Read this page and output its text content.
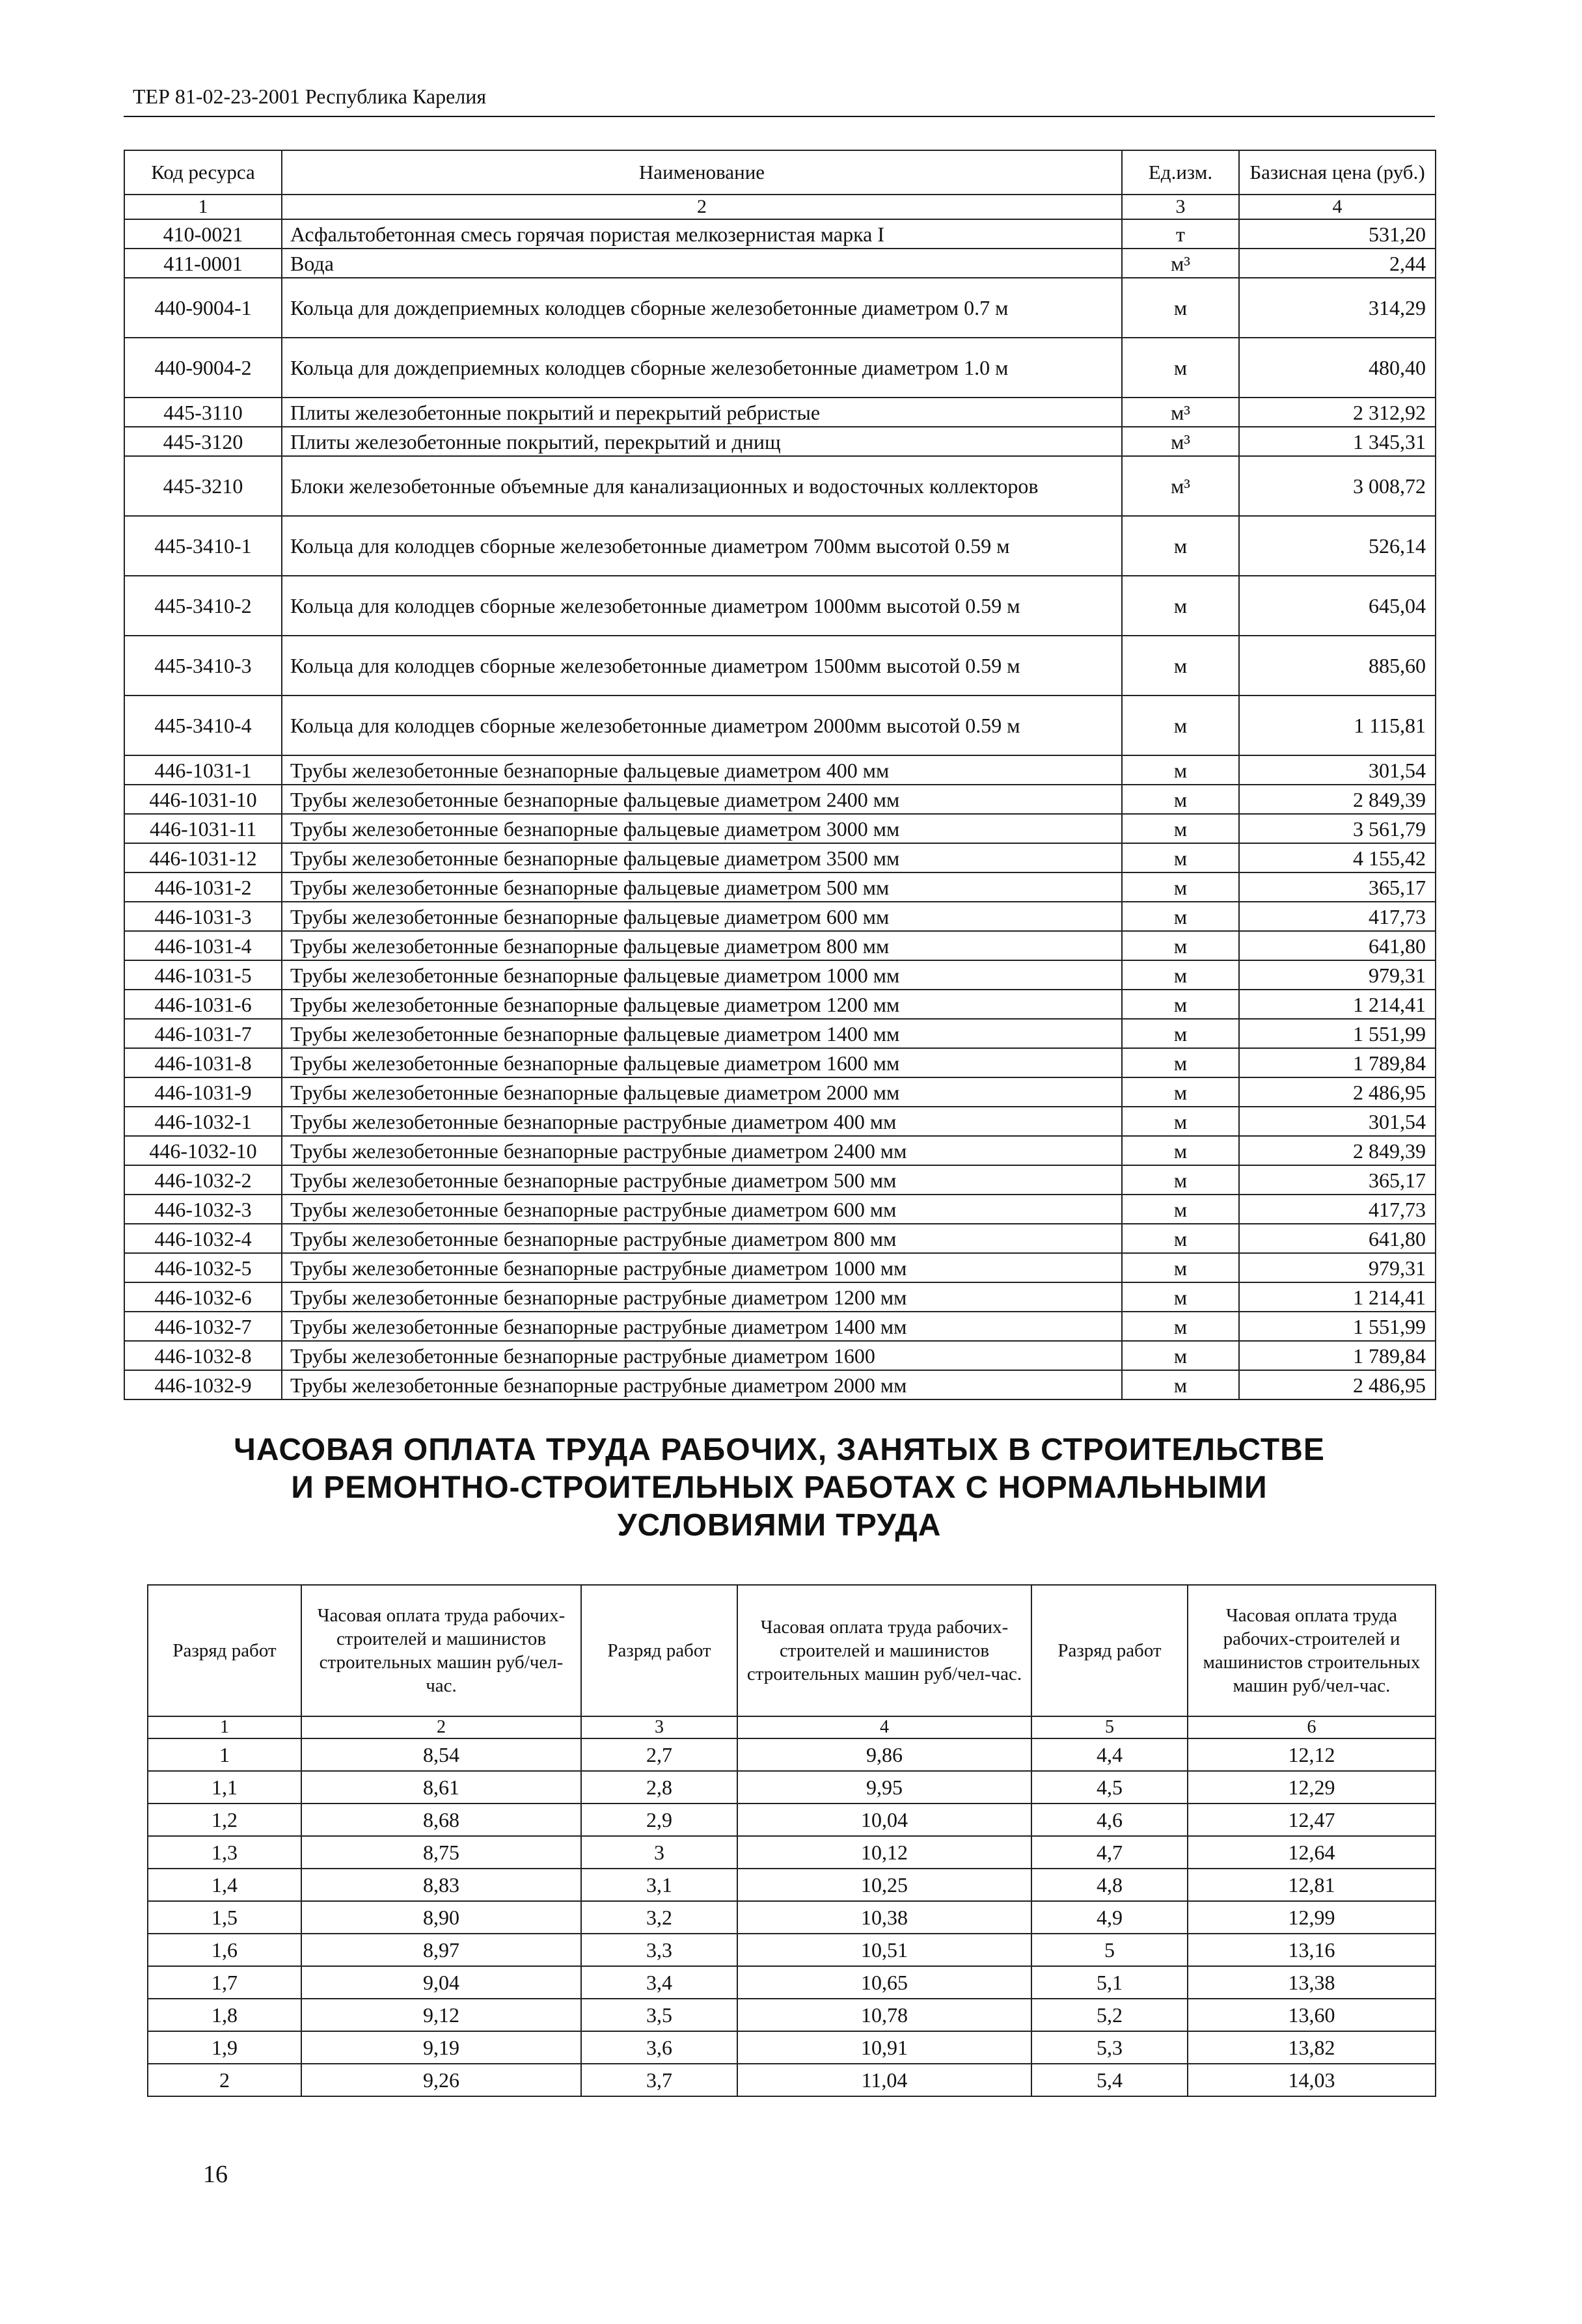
ТЕР 81-02-23-2001 Республика Карелия
Код ресурса	Наименование	Ед.изм.	Базисная цена (руб.)
1	2	3	4
410-0021	Асфальтобетонная смесь горячая пористая мелкозернистая марка I	т	531,20
411-0001	Вода	м³	2,44
440-9004-1	Кольца для дождеприемных колодцев сборные железобетонные диаметром 0.7 м	м	314,29
440-9004-2	Кольца для дождеприемных колодцев сборные железобетонные диаметром 1.0 м	м	480,40
445-3110	Плиты железобетонные покрытий и перекрытий ребристые	м³	2 312,92
445-3120	Плиты железобетонные покрытий, перекрытий и днищ	м³	1 345,31
445-3210	Блоки железобетонные объемные для канализационных и водосточных коллекторов	м³	3 008,72
445-3410-1	Кольца для колодцев сборные железобетонные диаметром 700мм высотой 0.59 м	м	526,14
445-3410-2	Кольца для колодцев сборные железобетонные диаметром 1000мм высотой 0.59 м	м	645,04
445-3410-3	Кольца для колодцев сборные железобетонные диаметром 1500мм высотой 0.59 м	м	885,60
445-3410-4	Кольца для колодцев сборные железобетонные диаметром 2000мм высотой 0.59 м	м	1 115,81
446-1031-1	Трубы железобетонные безнапорные фальцевые диаметром 400 мм	м	301,54
446-1031-10	Трубы железобетонные безнапорные фальцевые диаметром 2400 мм	м	2 849,39
446-1031-11	Трубы железобетонные безнапорные фальцевые диаметром 3000 мм	м	3 561,79
446-1031-12	Трубы железобетонные безнапорные фальцевые диаметром 3500 мм	м	4 155,42
446-1031-2	Трубы железобетонные безнапорные фальцевые диаметром 500 мм	м	365,17
446-1031-3	Трубы железобетонные безнапорные фальцевые диаметром 600 мм	м	417,73
446-1031-4	Трубы железобетонные безнапорные фальцевые диаметром 800 мм	м	641,80
446-1031-5	Трубы железобетонные безнапорные фальцевые диаметром 1000 мм	м	979,31
446-1031-6	Трубы железобетонные безнапорные фальцевые диаметром 1200 мм	м	1 214,41
446-1031-7	Трубы железобетонные безнапорные фальцевые диаметром 1400 мм	м	1 551,99
446-1031-8	Трубы железобетонные безнапорные фальцевые диаметром 1600 мм	м	1 789,84
446-1031-9	Трубы железобетонные безнапорные фальцевые диаметром 2000 мм	м	2 486,95
446-1032-1	Трубы железобетонные безнапорные раструбные диаметром 400 мм	м	301,54
446-1032-10	Трубы железобетонные безнапорные раструбные диаметром 2400 мм	м	2 849,39
446-1032-2	Трубы железобетонные безнапорные раструбные диаметром 500 мм	м	365,17
446-1032-3	Трубы железобетонные безнапорные раструбные диаметром 600 мм	м	417,73
446-1032-4	Трубы железобетонные безнапорные раструбные диаметром 800 мм	м	641,80
446-1032-5	Трубы железобетонные безнапорные раструбные диаметром 1000 мм	м	979,31
446-1032-6	Трубы железобетонные безнапорные раструбные диаметром 1200 мм	м	1 214,41
446-1032-7	Трубы железобетонные безнапорные раструбные диаметром 1400 мм	м	1 551,99
446-1032-8	Трубы железобетонные безнапорные раструбные диаметром 1600	м	1 789,84
446-1032-9	Трубы железобетонные безнапорные раструбные диаметром 2000 мм	м	2 486,95
ЧАСОВАЯ ОПЛАТА ТРУДА РАБОЧИХ, ЗАНЯТЫХ В СТРОИТЕЛЬСТВЕ
И РЕМОНТНО-СТРОИТЕЛЬНЫХ РАБОТАХ С НОРМАЛЬНЫМИ
УСЛОВИЯМИ ТРУДА
Разряд работ	Часовая оплата труда рабочих-строителей и машинистов строительных машин руб/чел-час.	Разряд работ	Часовая оплата труда рабочих-строителей и машинистов строительных машин руб/чел-час.	Разряд работ	Часовая оплата труда рабочих-строителей и машинистов строительных машин руб/чел-час.
1	2	3	4	5	6
1	8,54	2,7	9,86	4,4	12,12
1,1	8,61	2,8	9,95	4,5	12,29
1,2	8,68	2,9	10,04	4,6	12,47
1,3	8,75	3	10,12	4,7	12,64
1,4	8,83	3,1	10,25	4,8	12,81
1,5	8,90	3,2	10,38	4,9	12,99
1,6	8,97	3,3	10,51	5	13,16
1,7	9,04	3,4	10,65	5,1	13,38
1,8	9,12	3,5	10,78	5,2	13,60
1,9	9,19	3,6	10,91	5,3	13,82
2	9,26	3,7	11,04	5,4	14,03
16
